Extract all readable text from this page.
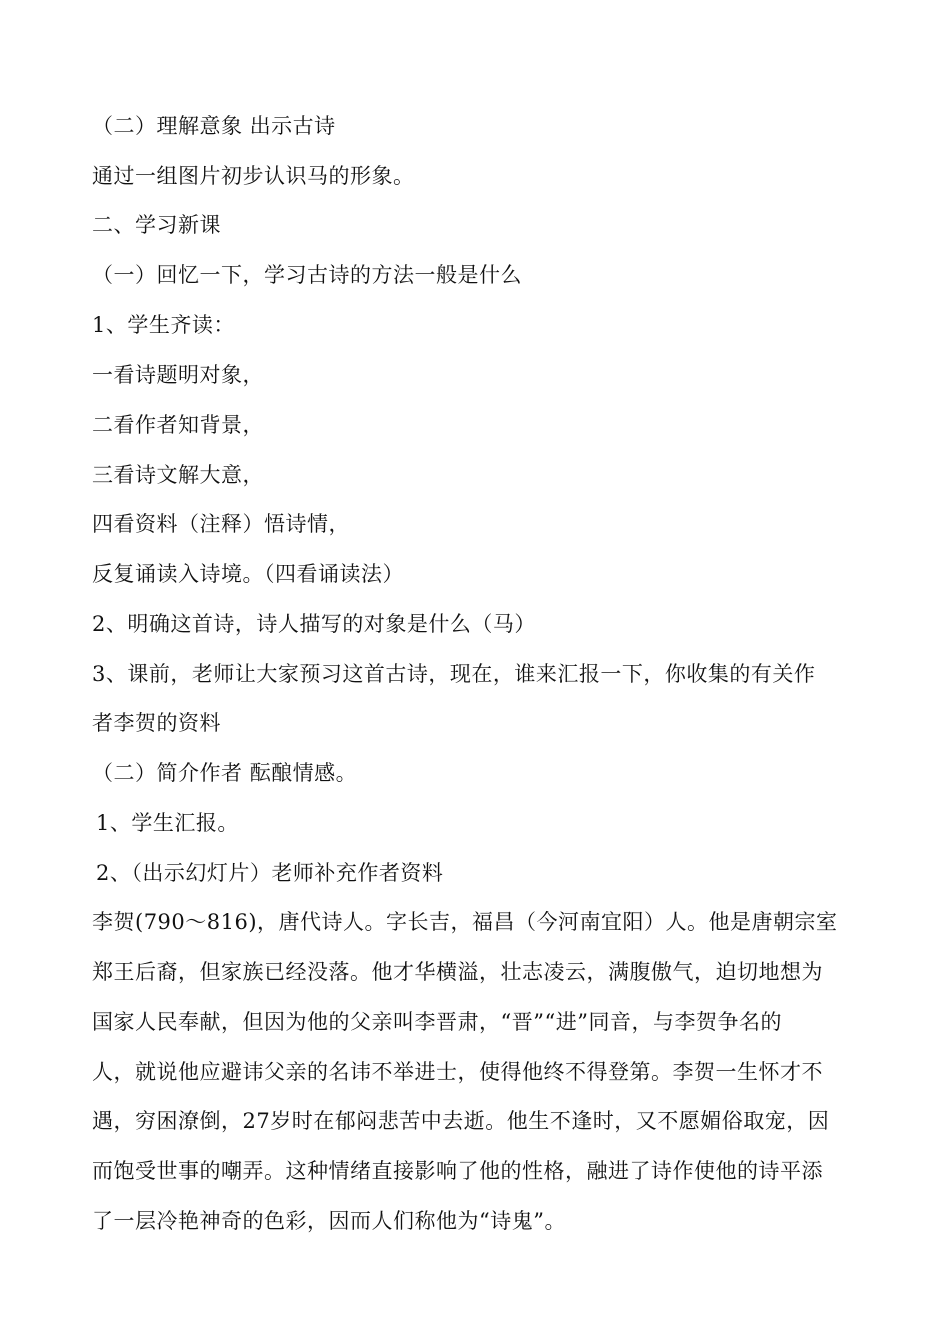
（二）理解意象 出示古诗
通过一组图片初步认识马的形象。
二、学习新课
（一）回忆一下，学习古诗的方法一般是什么
1、学生齐读：
一看诗题明对象，
二看作者知背景，
三看诗文解大意，
四看资料（注释）悟诗情，
反复诵读入诗境。（四看诵读法）
2、明确这首诗，诗人描写的对象是什么（马）
3、课前，老师让大家预习这首古诗，现在，谁来汇报一下，你收集的有关作
者李贺的资料
（二）简介作者 酝酿情感。
1、学生汇报。
2、（出示幻灯片）老师补充作者资料
李贺(790～816)，唐代诗人。字长吉，福昌（今河南宜阳）人。他是唐朝宗室
郑王后裔，但家族已经没落。他才华横溢，壮志凌云，满腹傲气，迫切地想为
国家人民奉献，但因为他的父亲叫李晋肃，“晋”“进”同音，与李贺争名的
人，就说他应避讳父亲的名讳不举进士，使得他终不得登第。李贺一生怀才不
遇，穷困潦倒，27岁时在郁闷悲苦中去逝。他生不逢时，又不愿媚俗取宠，因
而饱受世事的嘲弄。这种情绪直接影响了他的性格，融进了诗作使他的诗平添
了一层冷艳神奇的色彩，因而人们称他为“诗鬼”。
